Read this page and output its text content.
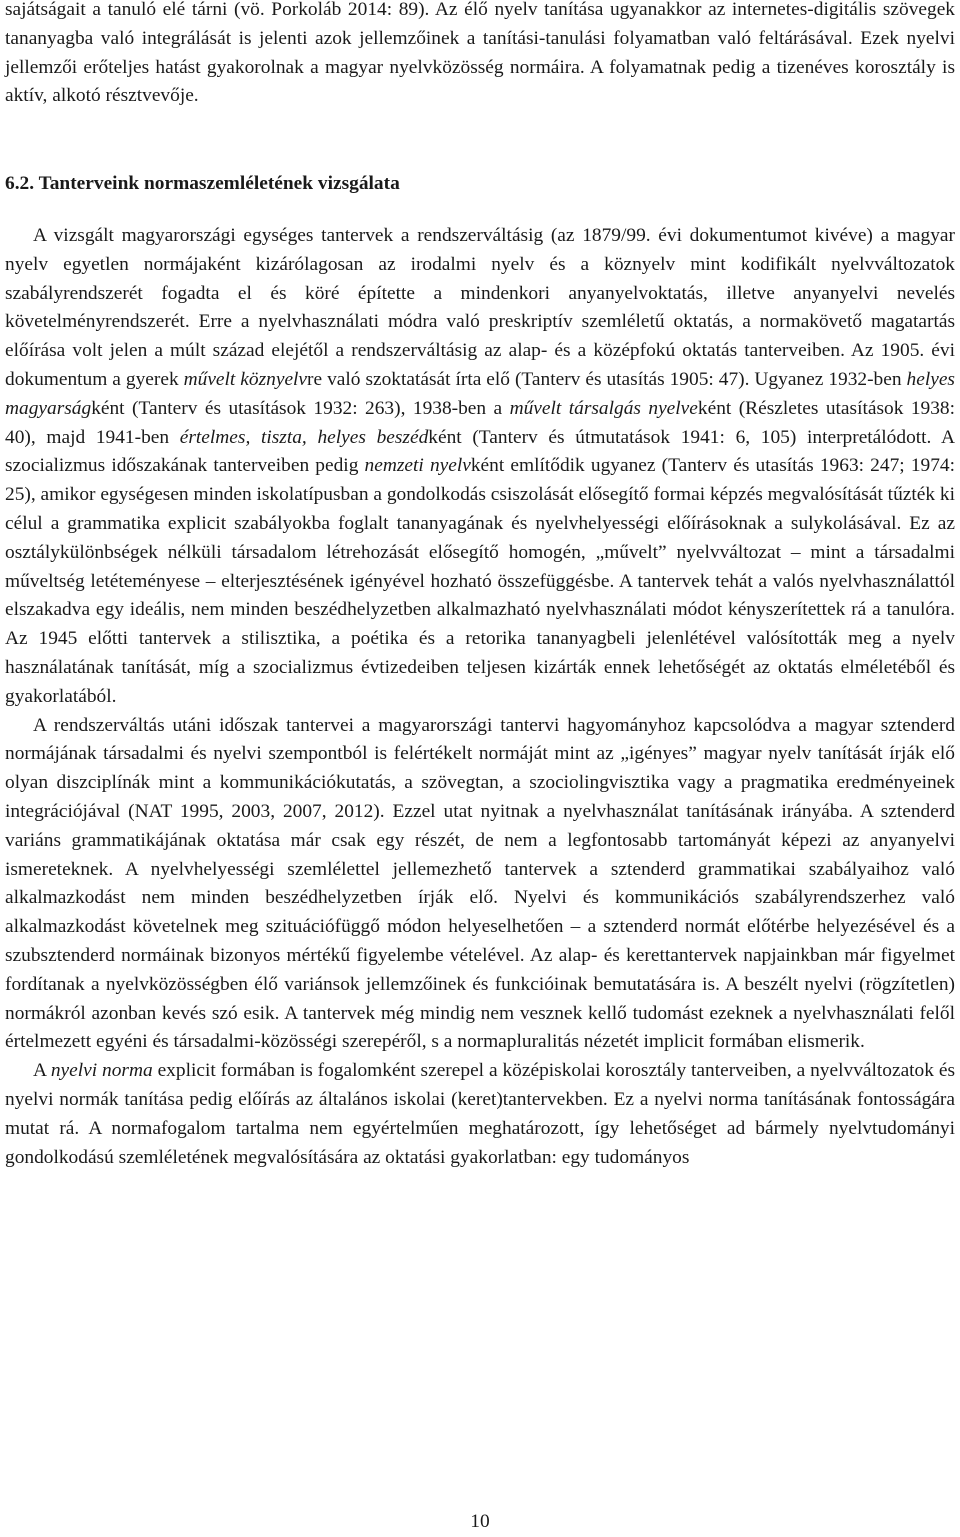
sajátságait a tanuló elé tárni (vö. Porkoláb 2014: 89). Az élő nyelv tanítása ugyanakkor az internetes-digitális szövegek tananyagba való integrálását is jelenti azok jellemzőinek a tanítási-tanulási folyamatban való feltárásával. Ezek nyelvi jellemzői erőteljes hatást gyakorolnak a magyar nyelvközösség normáira. A folyamatnak pedig a tizenéves korosztály is aktív, alkotó résztvevője.

6.2. Tanterveink normaszemléletének vizsgálata

A vizsgált magyarországi egységes tantervek a rendszerváltásig (az 1879/99. évi dokumentumot kivéve) a magyar nyelv egyetlen normájaként kizárólagosan az irodalmi nyelv és a köznyelv mint kodifikált nyelvváltozatok szabályrendszerét fogadta el és köré építette a mindenkori anyanyelvoktatás, illetve anyanyelvi nevelés követelményrendszerét. Erre a nyelvhasználati módra való preskriptív szemléletű oktatás, a normakövető magatartás előírása volt jelen a múlt század elejétől a rendszerváltásig az alap- és a középfokú oktatás tanterveiben. Az 1905. évi dokumentum a gyerek művelt köznyelvre való szoktatását írta elő (Tanterv és utasítás 1905: 47). Ugyanez 1932-ben helyes magyarságként (Tanterv és utasítások 1932: 263), 1938-ben a művelt társalgás nyelveként (Részletes utasítások 1938: 40), majd 1941-ben értelmes, tiszta, helyes beszédként (Tanterv és útmutatások 1941: 6, 105) interpretálódott. A szocializmus időszakának tanterveiben pedig nemzeti nyelvként említődik ugyanez (Tanterv és utasítás 1963: 247; 1974: 25), amikor egységesen minden iskolatípusban a gondolkodás csiszolását elősegítő formai képzés megvalósítását tűzték ki célul a grammatika explicit szabályokba foglalt tananyagának és nyelvhelyességi előírásoknak a sulykolásával. Ez az osztálykülönbségek nélküli társadalom létrehozását elősegítő homogén, „művelt” nyelvváltozat – mint a társadalmi műveltség letéteményese – elterjesztésének igényével hozható összefüggésbe. A tantervek tehát a valós nyelvhasználattól elszakadva egy ideális, nem minden beszédhelyzetben alkalmazható nyelvhasználati módot kényszerítettek rá a tanulóra. Az 1945 előtti tantervek a stilisztika, a poétika és a retorika tananyagbeli jelenlétével valósították meg a nyelv használatának tanítását, míg a szocializmus évtizedeiben teljesen kizárták ennek lehetőségét az oktatás elméletéből és gyakorlatából.

A rendszerváltás utáni időszak tantervei a magyarországi tantervi hagyományhoz kapcsolódva a magyar sztenderd normájának társadalmi és nyelvi szempontból is felértékelt normáját mint az „igényes” magyar nyelv tanítását írják elő olyan diszciplínák mint a kommunikációkutatás, a szövegtan, a szociolingvisztika vagy a pragmatika eredményeinek integrációjával (NAT 1995, 2003, 2007, 2012). Ezzel utat nyitnak a nyelvhasználat tanításának irányába. A sztenderd variáns grammatikájának oktatása már csak egy részét, de nem a legfontosabb tartományát képezi az anyanyelvi ismereteknek. A nyelvhelyességi szemlélettel jellemezhető tantervek a sztenderd grammatikai szabályaihoz való alkalmazkodást nem minden beszédhelyzetben írják elő. Nyelvi és kommunikációs szabályrendszerhez való alkalmazkodást követelnek meg szituációfüggő módon helyeselhetően – a sztenderd normát előtérbe helyezésével és a szubsztenderd normáinak bizonyos mértékű figyelembe vételével. Az alap- és kerettantervek napjainkban már figyelmet fordítanak a nyelvközösségben élő variánsok jellemzőinek és funkcióinak bemutatására is. A beszélt nyelvi (rögzítetlen) normákról azonban kevés szó esik. A tantervek még mindig nem vesznek kellő tudomást ezeknek a nyelvhasználati felől értelmezett egyéni és társadalmi-közösségi szerepéről, s a normapluralitás nézetét implicit formában elismerik.

A nyelvi norma explicit formában is fogalomként szerepel a középiskolai korosztály tanterveiben, a nyelvváltozatok és nyelvi normák tanítása pedig előírás az általános iskolai (keret)tantervekben. Ez a nyelvi norma tanításának fontosságára mutat rá. A normafogalom tartalma nem egyértelműen meghatározott, így lehetőséget ad bármely nyelvtudományi gondolkodású szemléletének megvalósítására az oktatási gyakorlatban: egy tudományos

10
